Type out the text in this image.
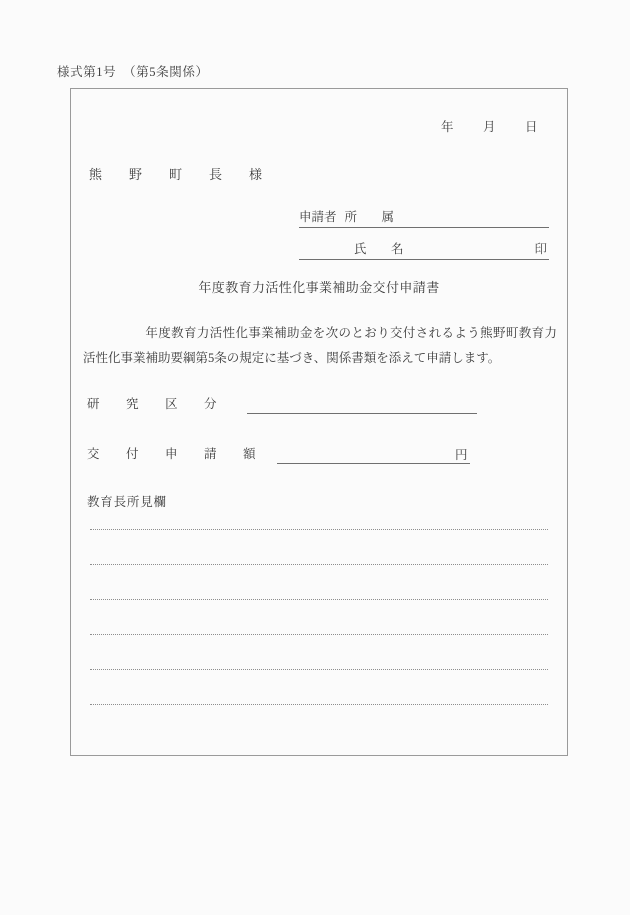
様式第1号　（第5条関係）
年 月 日
熊　野　町　長　様
申請者 所　属
氏　名	印
年度教育力活性化事業補助金交付申請書
年度教育力活性化事業補助金を次のとおり交付されるよう熊野町教育力活性化事業補助要綱第5条の規定に基づき、関係書類を添えて申請します。
研　究　区　分
交　付　申　請　額	円
教育長所見欄
